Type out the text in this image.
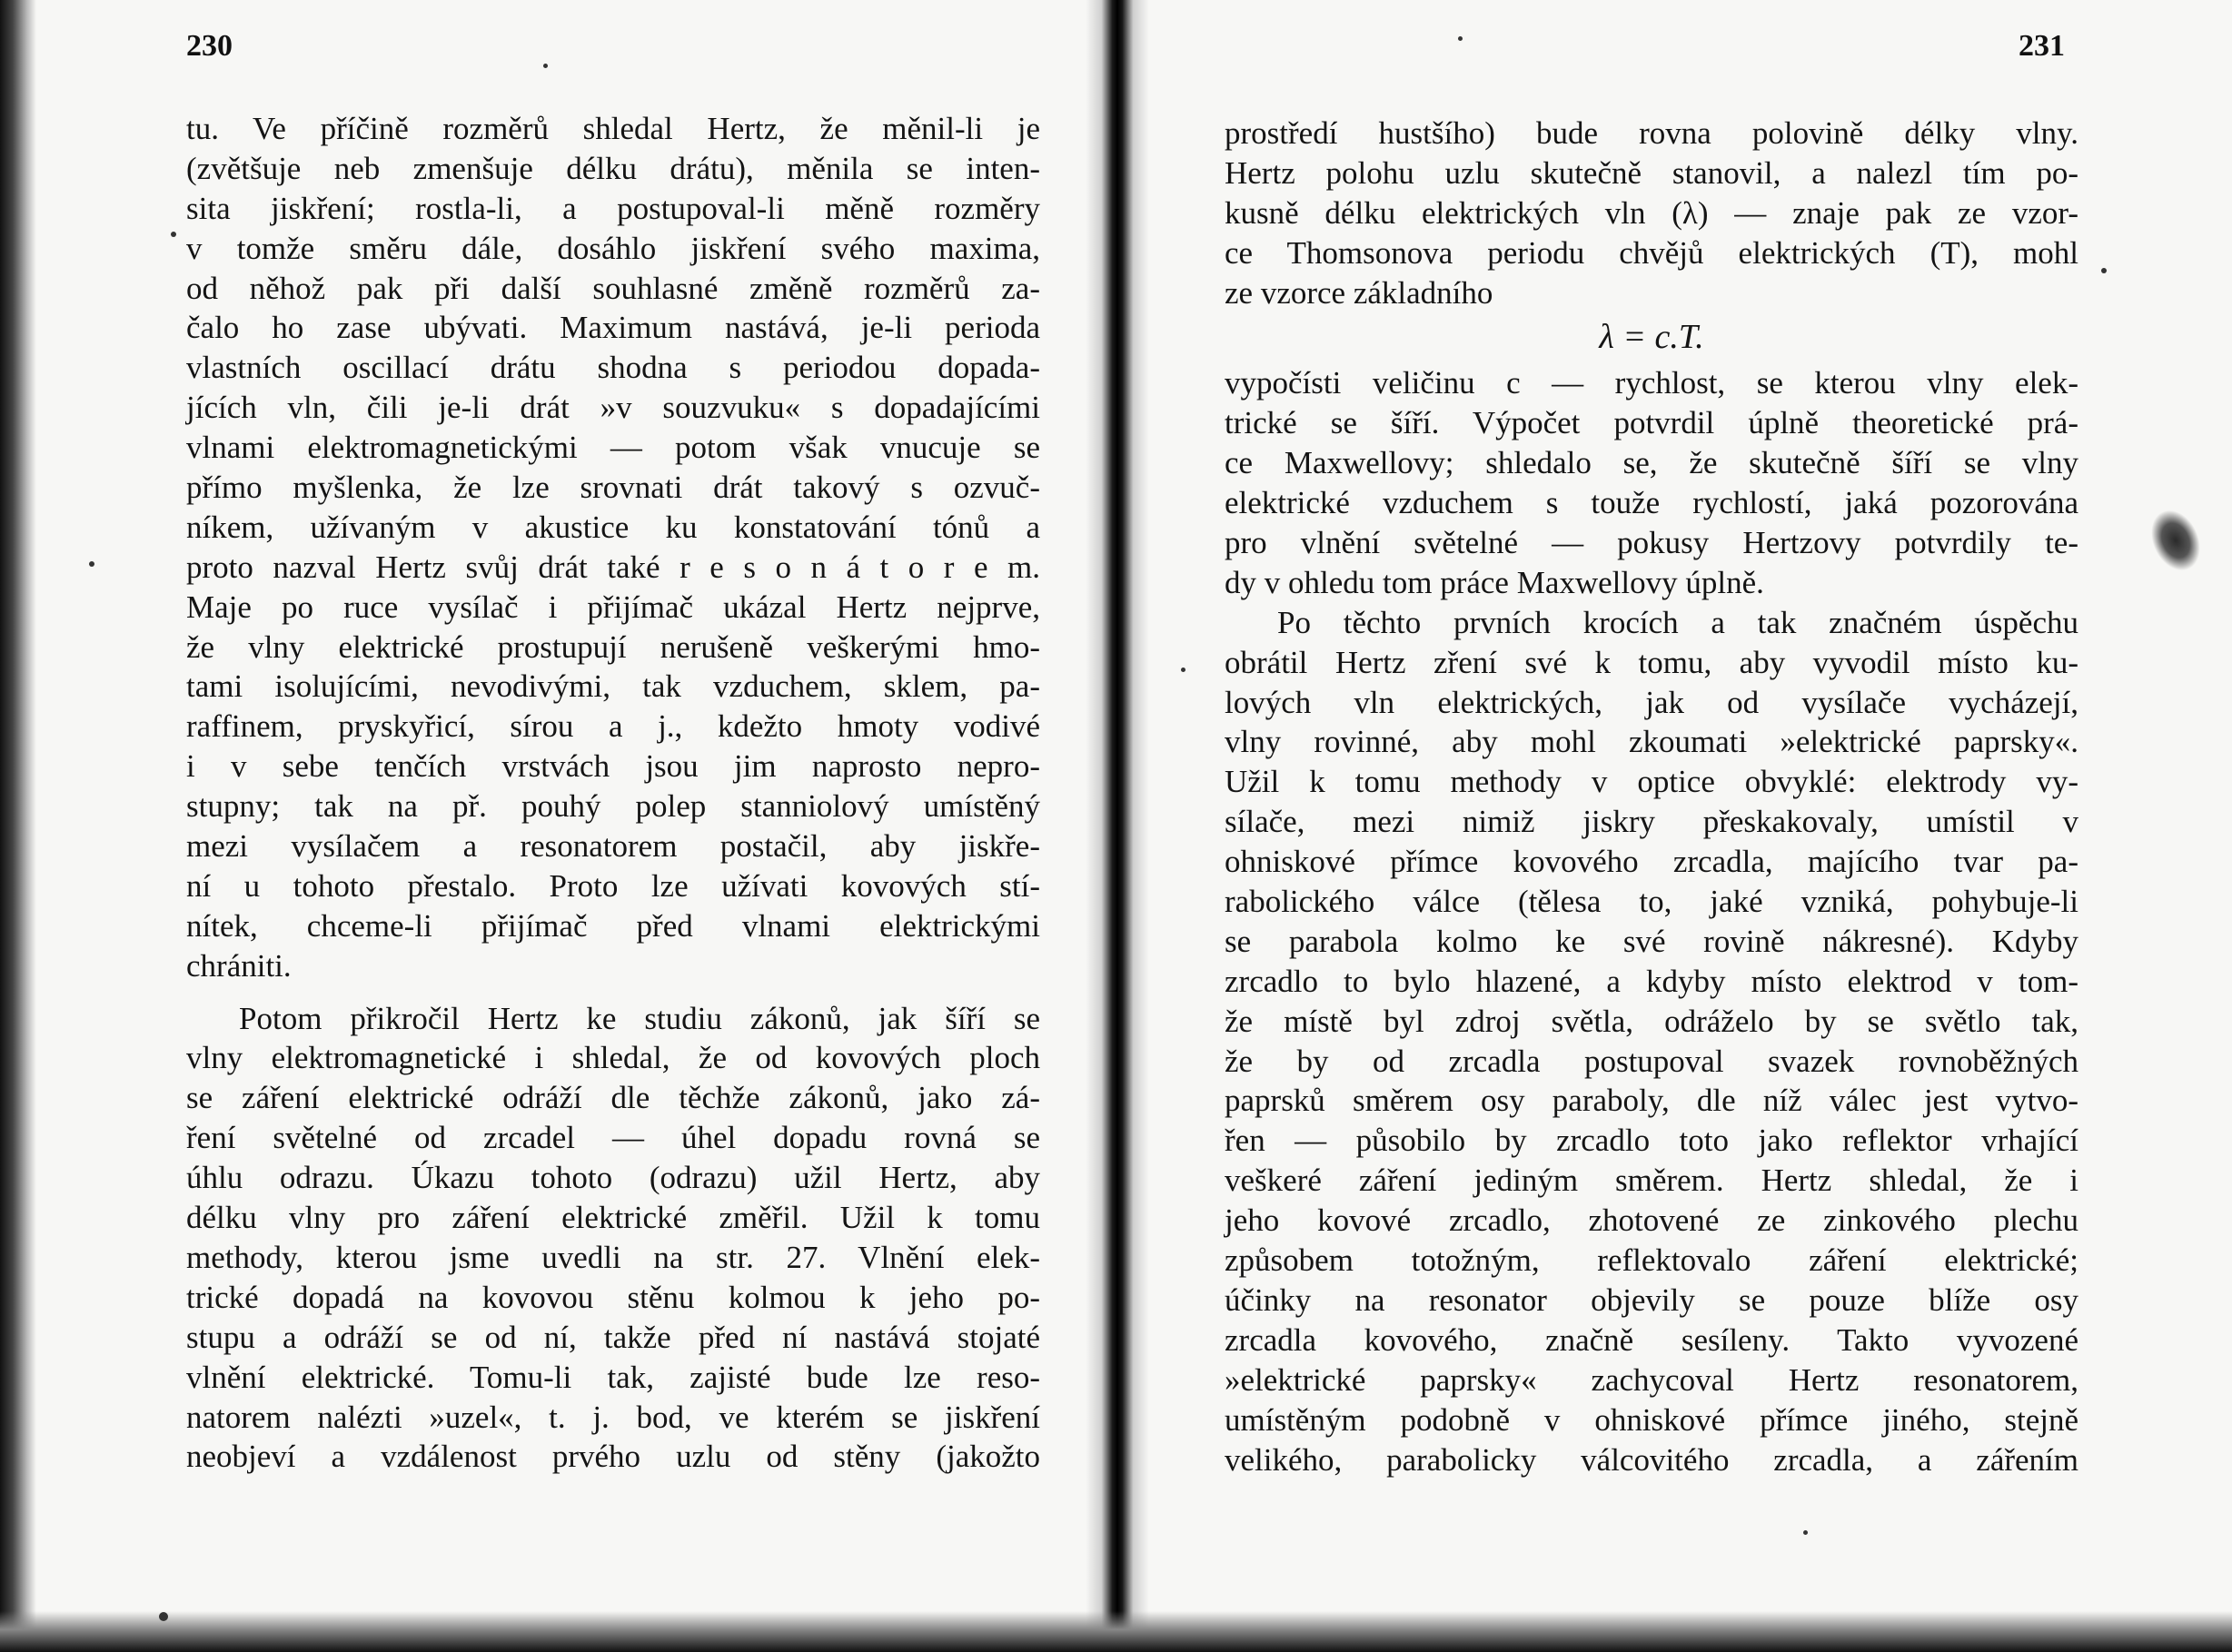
230
tu. Ve příčině rozměrů shledal Hertz, že měnil-li je
(zvětšuje neb zmenšuje délku drátu), měnila se inten-
sita jiskření; rostla-li, a postupoval-li měně rozměry
v tomže směru dále, dosáhlo jiskření svého maxima,
od něhož pak při další souhlasné změně rozměrů za-
čalo ho zase ubývati. Maximum nastává, je-li perioda
vlastních oscillací drátu shodna s periodou dopada-
jících vln, čili je-li drát »v souzvuku« s dopadajícími
vlnami elektromagnetickými — potom však vnucuje se
přímo myšlenka, že lze srovnati drát takový s ozvuč-
níkem, užívaným v akustice ku konstatování tónů a
proto nazval Hertz svůj drát také r e s o n á t o r e m.
Maje po ruce vysílač i přijímač ukázal Hertz nejprve,
že vlny elektrické prostupují nerušeně veškerými hmo-
tami isolujícími, nevodivými, tak vzduchem, sklem, pa-
raffinem, pryskyřicí, sírou a j., kdežto hmoty vodivé
i v sebe tenčích vrstvách jsou jim naprosto nepro-
stupny; tak na př. pouhý polep stanniolový umístěný
mezi vysílačem a resonatorem postačil, aby jiskře-
ní u tohoto přestalo. Proto lze užívati kovových stí-
nítek, chceme-li přijímač před vlnami elektrickými
chrániti.
Potom přikročil Hertz ke studiu zákonů, jak šíří se
vlny elektromagnetické i shledal, že od kovových ploch
se záření elektrické odráží dle těchže zákonů, jako zá-
ření světelné od zrcadel — úhel dopadu rovná se
úhlu odrazu. Úkazu tohoto (odrazu) užil Hertz, aby
délku vlny pro záření elektrické změřil. Užil k tomu
methody, kterou jsme uvedli na str. 27. Vlnění elek-
trické dopadá na kovovou stěnu kolmou k jeho po-
stupu a odráží se od ní, takže před ní nastává stojaté
vlnění elektrické. Tomu-li tak, zajisté bude lze reso-
natorem nalézti »uzel«, t. j. bod, ve kterém se jiskření
neobjeví a vzdálenost prvého uzlu od stěny (jakožto
231
prostředí hustšího) bude rovna polovině délky vlny.
Hertz polohu uzlu skutečně stanovil, a nalezl tím po-
kusně délku elektrických vln (λ) — znaje pak ze vzor-
ce Thomsonova periodu chvějů elektrických (T), mohl
ze vzorce základního
λ = c.T.
vypočísti veličinu c — rychlost, se kterou vlny elek-
trické se šíří. Výpočet potvrdil úplně theoretické prá-
ce Maxwellovy; shledalo se, že skutečně šíří se vlny
elektrické vzduchem s touže rychlostí, jaká pozorována
pro vlnění světelné — pokusy Hertzovy potvrdily te-
dy v ohledu tom práce Maxwellovy úplně.
Po těchto prvních krocích a tak značném úspěchu
obrátil Hertz zření své k tomu, aby vyvodil místo ku-
lových vln elektrických, jak od vysílače vycházejí,
vlny rovinné, aby mohl zkoumati »elektrické paprsky«.
Užil k tomu methody v optice obvyklé: elektrody vy-
sílače, mezi nimiž jiskry přeskakovaly, umístil v
ohniskové přímce kovového zrcadla, majícího tvar pa-
rabolického válce (tělesa to, jaké vzniká, pohybuje-li
se parabola kolmo ke své rovině nákresné). Kdyby
zrcadlo to bylo hlazené, a kdyby místo elektrod v tom-
že místě byl zdroj světla, odráželo by se světlo tak,
že by od zrcadla postupoval svazek rovnoběžných
paprsků směrem osy paraboly, dle níž válec jest vytvo-
řen — působilo by zrcadlo toto jako reflektor vrhající
veškeré záření jediným směrem. Hertz shledal, že i
jeho kovové zrcadlo, zhotovené ze zinkového plechu
způsobem totožným, reflektovalo záření elektrické;
účinky na resonator objevily se pouze blíže osy
zrcadla kovového, značně sesíleny. Takto vyvozené
»elektrické paprsky« zachycoval Hertz resonatorem,
umístěným podobně v ohniskové přímce jiného, stejně
velikého, parabolicky válcovitého zrcadla, a zářením
